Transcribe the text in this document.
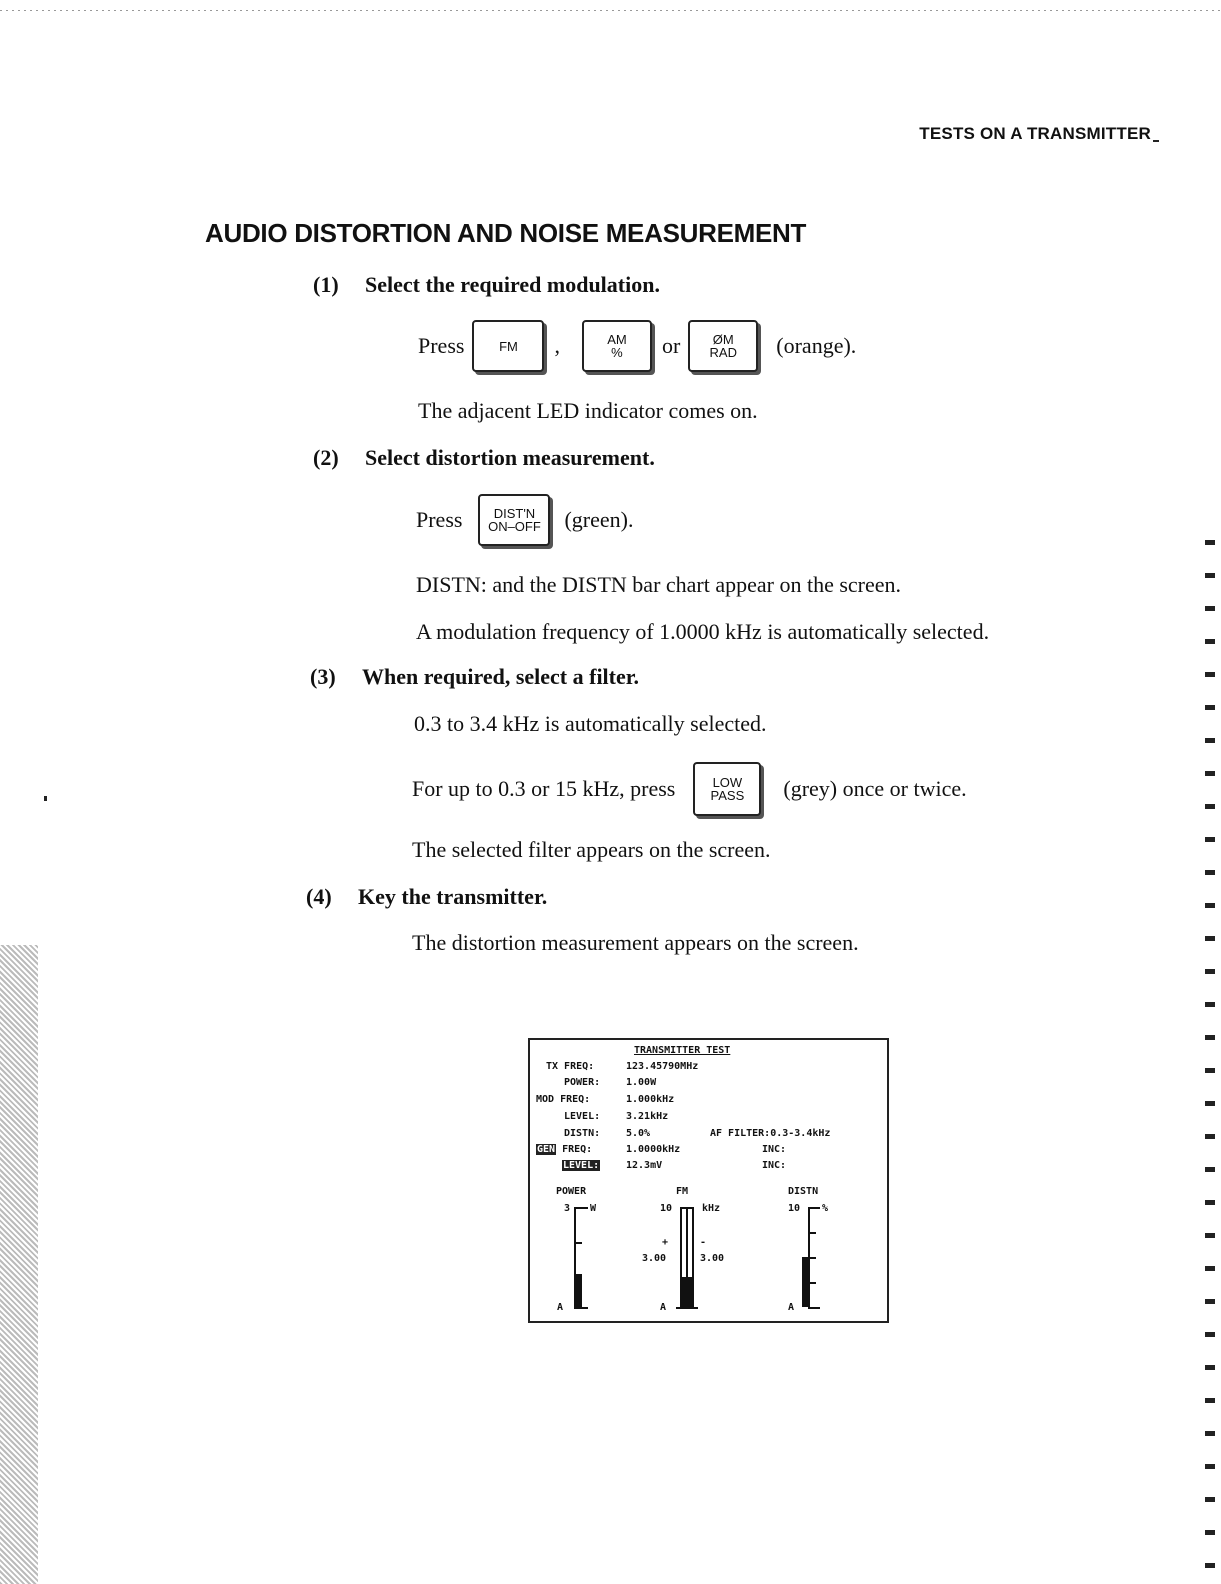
TESTS ON A TRANSMITTER
AUDIO DISTORTION AND NOISE MEASUREMENT
(1) Select the required modulation.
Press	FM ,	AM
% or	ØM
RAD (orange).
The adjacent LED indicator comes on.
(2) Select distortion measurement.
Press	DIST'N
ON–OFF (green).
DISTN: and the DISTN bar chart appear on the screen.
A modulation frequency of 1.0000 kHz is automatically selected.
(3) When required, select a filter.
0.3 to 3.4 kHz is automatically selected.
For up to 0.3 or 15 kHz, press	LOW
PASS (grey) once or twice.
The selected filter appears on the screen.
(4) Key the transmitter.
The distortion measurement appears on the screen.
TRANSMITTER TEST
TX FREQ:	123.45790MHz
POWER:	1.00W
MOD FREQ:	1.000kHz
LEVEL:	3.21kHz
DISTN:	5.0%	AF FILTER:0.3-3.4kHz
GEN FREQ:	1.0000kHz	INC:
LEVEL:	12.3mV	INC:
POWER
3 W
A
FM
10	kHz
+	-
3.00	3.00
A
DISTN
10 %
A
